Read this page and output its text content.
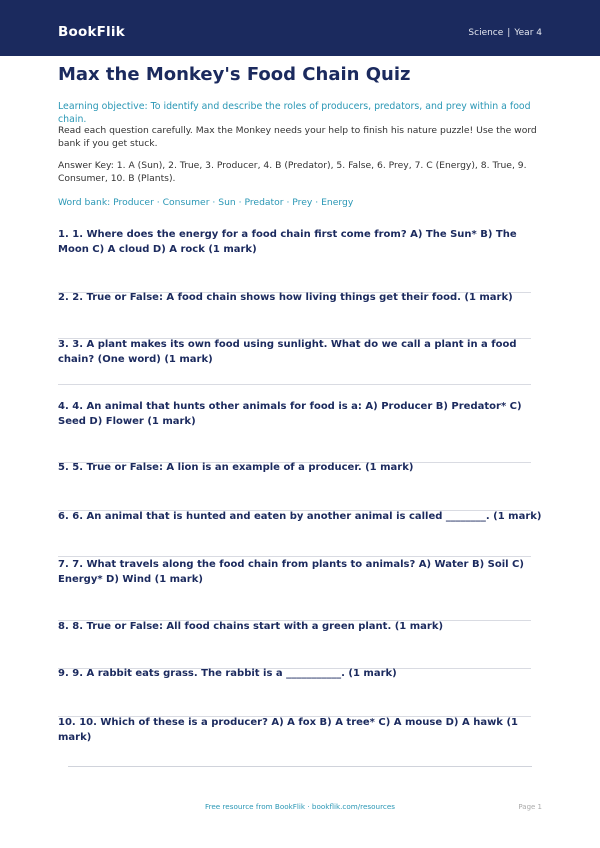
BookFlik	Science | Year 4
Max the Monkey's Food Chain Quiz
Learning objective: To identify and describe the roles of producers, predators, and prey within a food chain.
Read each question carefully. Max the Monkey needs your help to finish his nature puzzle! Use the word bank if you get stuck.
Answer Key: 1. A (Sun), 2. True, 3. Producer, 4. B (Predator), 5. False, 6. Prey, 7. C (Energy), 8. True, 9. Consumer, 10. B (Plants).
Word bank: Producer · Consumer · Sun · Predator · Prey · Energy
1. 1. Where does the energy for a food chain first come from? A) The Sun* B) The Moon C) A cloud D) A rock (1 mark)
2. 2. True or False: A food chain shows how living things get their food. (1 mark)
3. 3. A plant makes its own food using sunlight. What do we call a plant in a food chain? (One word) (1 mark)
4. 4. An animal that hunts other animals for food is a: A) Producer B) Predator* C) Seed D) Flower (1 mark)
5. 5. True or False: A lion is an example of a producer. (1 mark)
6. 6. An animal that is hunted and eaten by another animal is called ________. (1 mark)
7. 7. What travels along the food chain from plants to animals? A) Water B) Soil C) Energy* D) Wind (1 mark)
8. 8. True or False: All food chains start with a green plant. (1 mark)
9. 9. A rabbit eats grass. The rabbit is a ___________. (1 mark)
10. 10. Which of these is a producer? A) A fox B) A tree* C) A mouse D) A hawk (1 mark)
Free resource from BookFlik · bookflik.com/resources	Page 1
